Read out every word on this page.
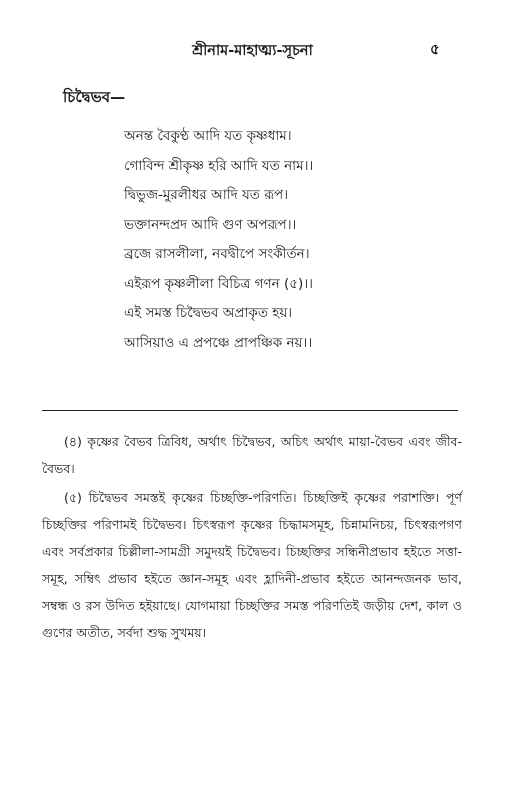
শ্রীনাম-মাহাত্ম্য-সূচনা	৫
চিদ্বৈভব—
অনন্ত বৈকুণ্ঠ আদি যত কৃষ্ণধাম।
গোবিন্দ শ্রীকৃষ্ণ হরি আদি যত নাম।।
দ্বিভুজ-মুরলীধর আদি যত রূপ।
ভক্তানন্দপ্রদ আদি গুণ অপরূপ।।
ব্রজে রাসলীলা, নবদ্বীপে সংকীর্তন।
এইরূপ কৃষ্ণলীলা বিচিত্র গণন (৫)।।
এই সমস্ত চিদ্বৈভব অপ্রাকৃত হয়।
আসিয়াও এ প্রপঞ্চে প্রাপঞ্চিক নয়।।

(৪) কৃষ্ণের বৈভব ত্রিবিধ, অর্থাৎ চিদ্বৈভব, অচিৎ অর্থাৎ মায়া-বৈভব এবং জীব-বৈভব।

(৫) চিদ্বৈভব সমস্তই কৃষ্ণের চিচ্ছক্তি-পরিণতি। চিচ্ছক্তিই কৃষ্ণের পরাশক্তি। পূর্ণ চিচ্ছক্তির পরিণামই চিদ্বৈভব। চিৎস্বরূপ কৃষ্ণের চিদ্ধামসমূহ, চিন্নামনিচয়, চিৎস্বরূপগণ এবং সর্বপ্রকার চিল্লীলা-সামগ্রী সমুদয়ই চিদ্বৈভব। চিচ্ছক্তির সন্ধিনীপ্রভাব হইতে সত্তা-সমূহ, সম্বিৎ প্রভাব হইতে জ্ঞান-সমূহ এবং হ্লাদিনী-প্রভাব হইতে আনন্দজনক ভাব, সম্বন্ধ ও রস উদিত হইয়াছে। যোগমায়া চিচ্ছক্তির সমস্ত পরিণতিই জড়ীয় দেশ, কাল ও গুণের অতীত, সর্বদা শুদ্ধ সুখময়।
